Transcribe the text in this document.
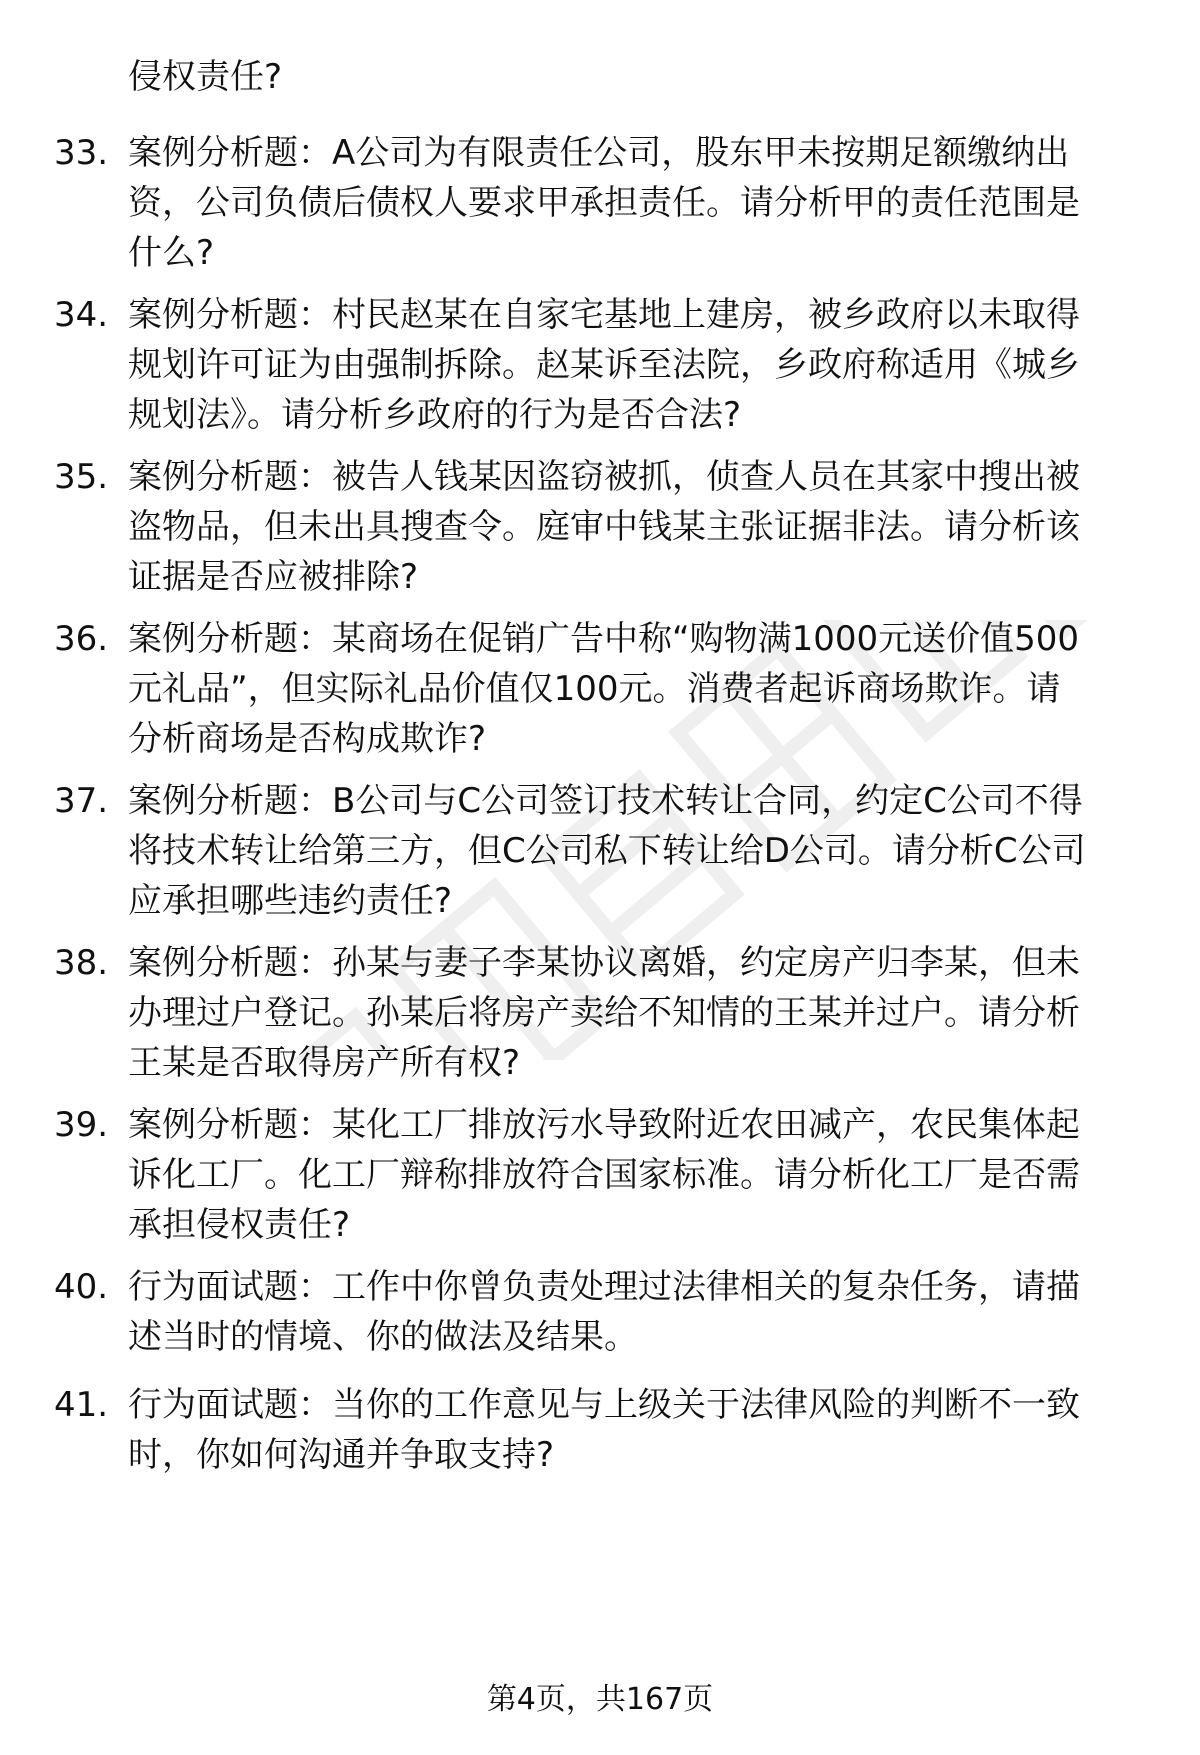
侵权责任?
33. 案例分析题：A公司为有限责任公司，股东甲未按期足额缴纳出
资，公司负债后债权人要求甲承担责任。请分析甲的责任范围是
什么?
34. 案例分析题：村民赵某在自家宅基地上建房，被乡政府以未取得
规划许可证为由强制拆除。赵某诉至法院，乡政府称适用《城乡
规划法》。请分析乡政府的行为是否合法?
35. 案例分析题：被告人钱某因盗窃被抓，侦查人员在其家中搜出被
盗物品，但未出具搜查令。庭审中钱某主张证据非法。请分析该
证据是否应被排除?
36. 案例分析题：某商场在促销广告中称“购物满1000元送价值500
元礼品”，但实际礼品价值仅100元。消费者起诉商场欺诈。请
分析商场是否构成欺诈?
37. 案例分析题：B公司与C公司签订技术转让合同，约定C公司不得
将技术转让给第三方，但C公司私下转让给D公司。请分析C公司
应承担哪些违约责任?
38. 案例分析题：孙某与妻子李某协议离婚，约定房产归李某，但未
办理过户登记。孙某后将房产卖给不知情的王某并过户。请分析
王某是否取得房产所有权?
39. 案例分析题：某化工厂排放污水导致附近农田减产，农民集体起
诉化工厂。化工厂辩称排放符合国家标准。请分析化工厂是否需
承担侵权责任?
40. 行为面试题：工作中你曾负责处理过法律相关的复杂任务，请描
述当时的情境、你的做法及结果。
41. 行为面试题：当你的工作意见与上级关于法律风险的判断不一致
时，你如何沟通并争取支持?
第4页，共167页
